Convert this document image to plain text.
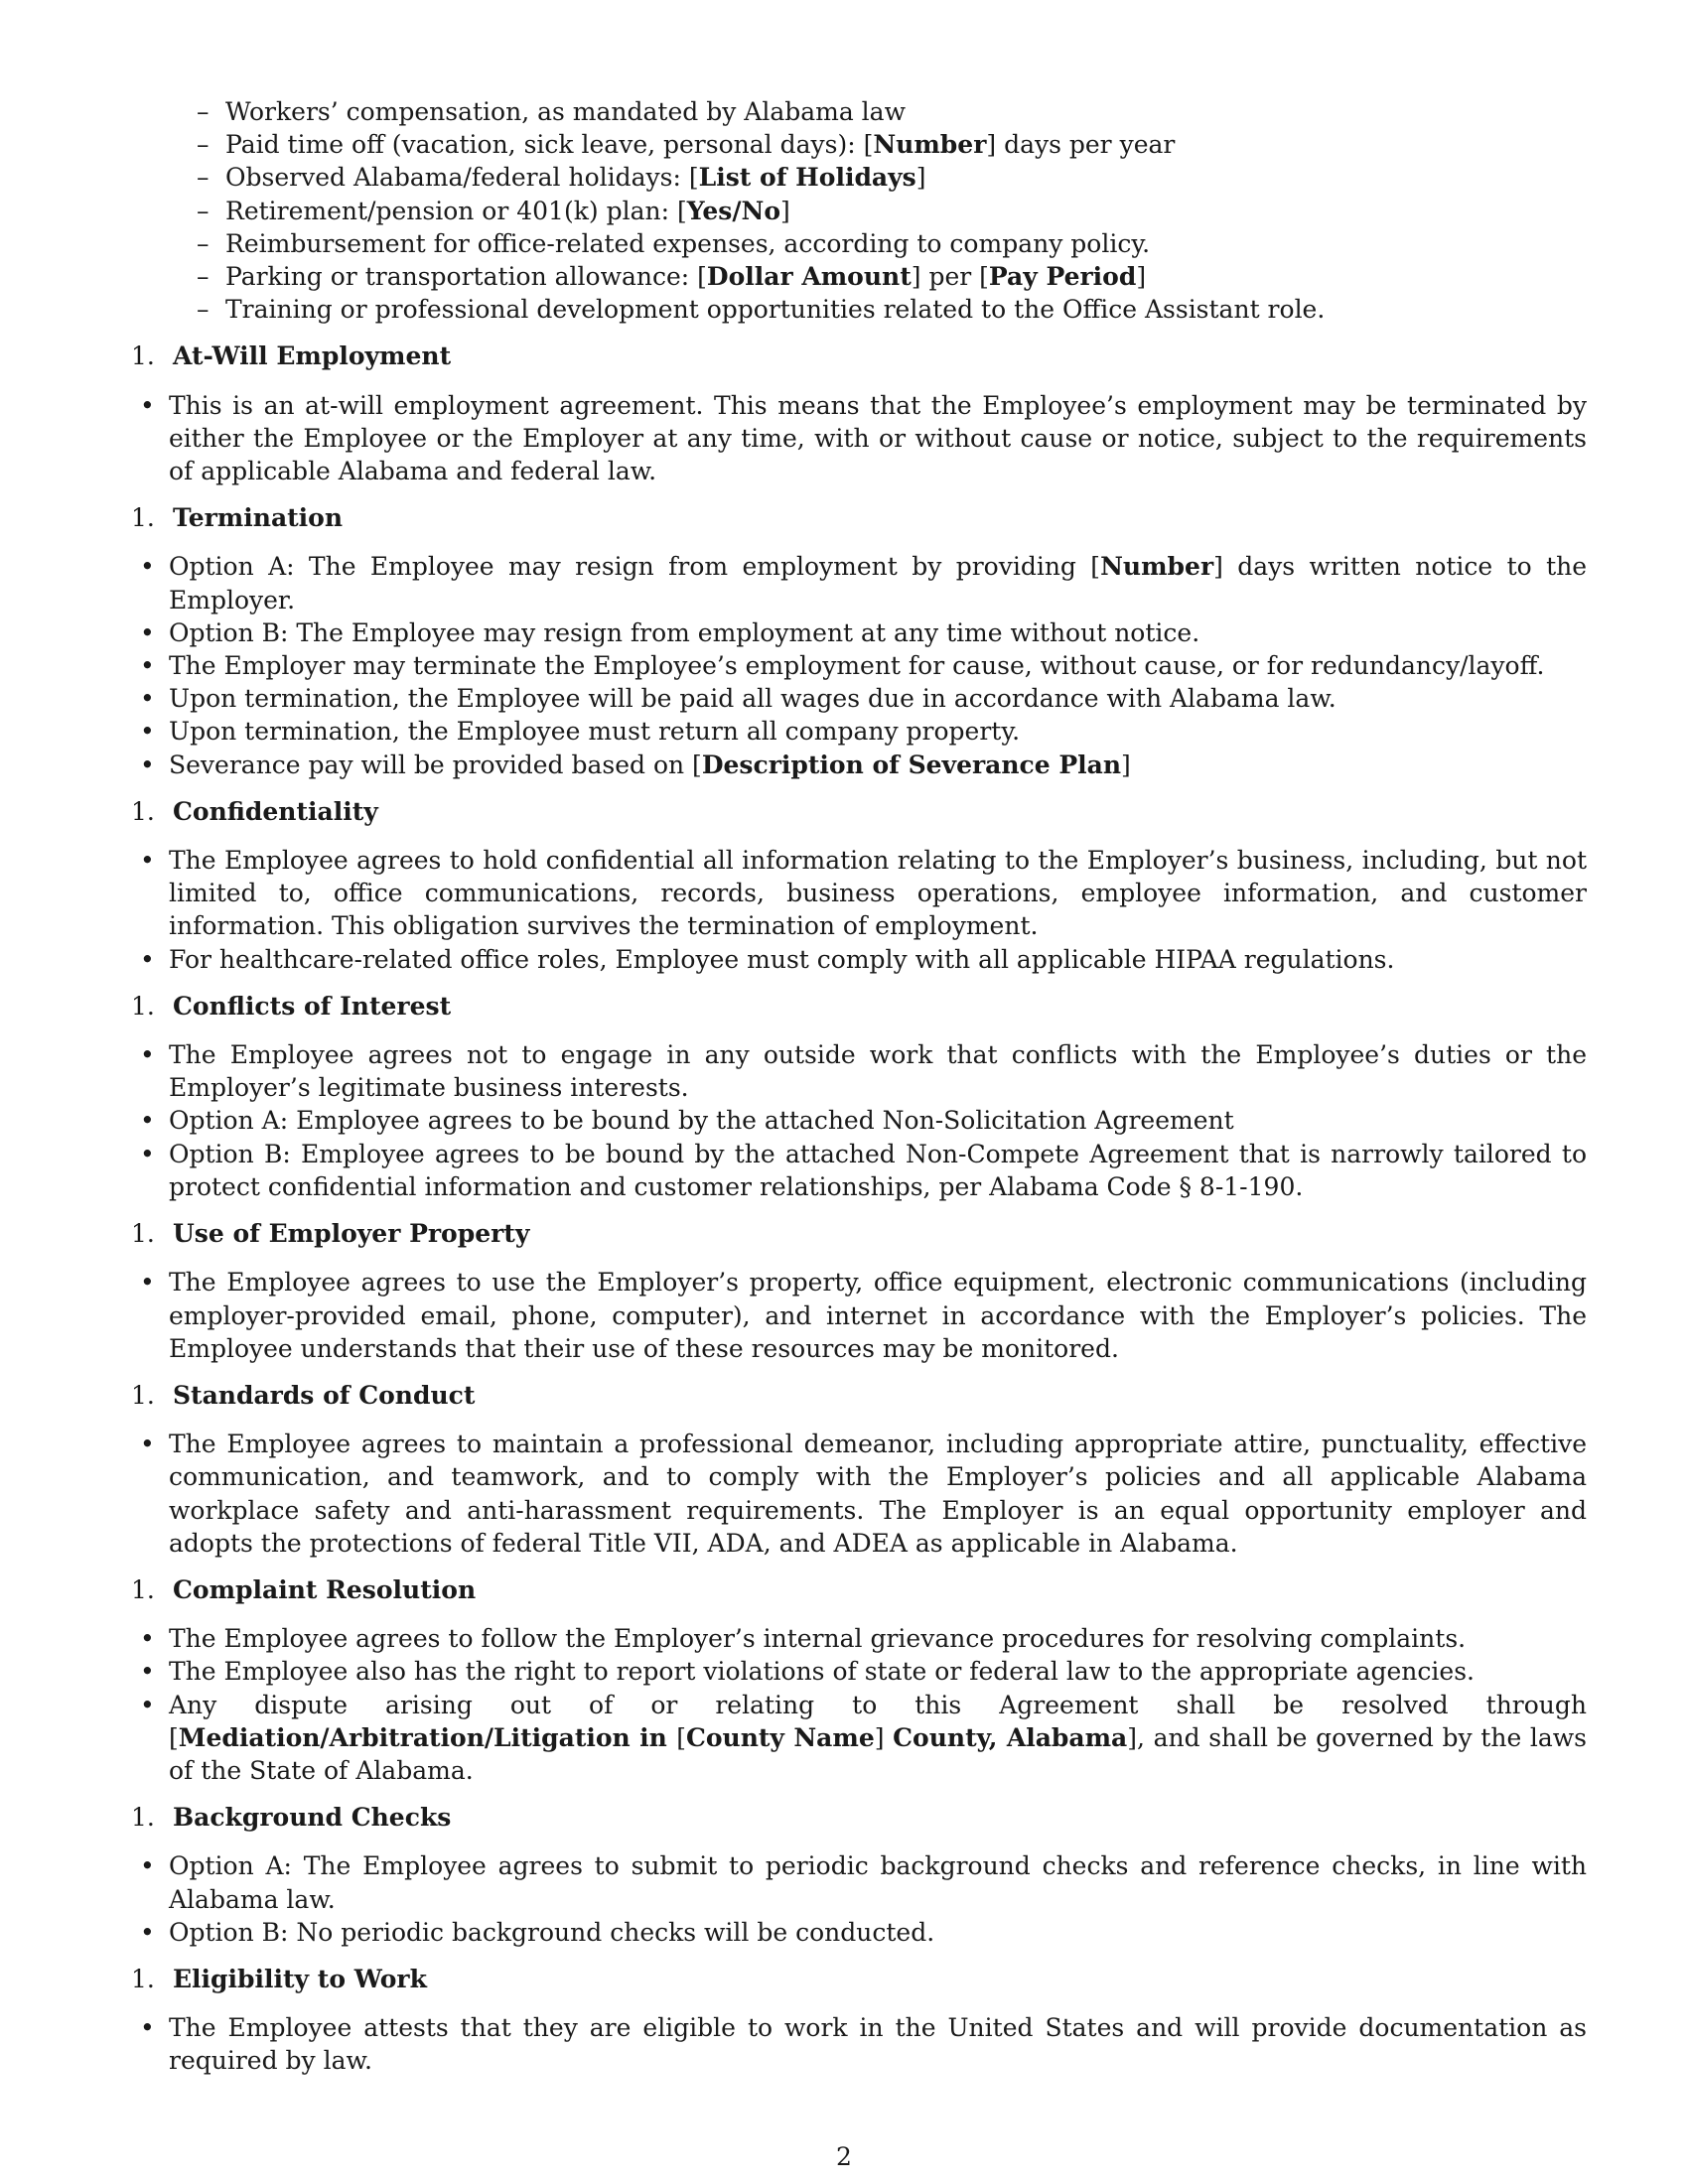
– Workers’ compensation, as mandated by Alabama law
– Paid time off (vacation, sick leave, personal days): [Number] days per year
– Observed Alabama/federal holidays: [List of Holidays]
– Retirement/pension or 401(k) plan: [Yes/No]
– Reimbursement for office-related expenses, according to company policy.
– Parking or transportation allowance: [Dollar Amount] per [Pay Period]
– Training or professional development opportunities related to the Office Assistant role.
1. At-Will Employment
• This is an at-will employment agreement. This means that the Employee’s employment may be terminated by either the Employee or the Employer at any time, with or without cause or notice, subject to the requirements of applicable Alabama and federal law.
1. Termination
• Option A: The Employee may resign from employment by providing [Number] days written notice to the Employer.
• Option B: The Employee may resign from employment at any time without notice.
• The Employer may terminate the Employee’s employment for cause, without cause, or for redundancy/layoff.
• Upon termination, the Employee will be paid all wages due in accordance with Alabama law.
• Upon termination, the Employee must return all company property.
• Severance pay will be provided based on [Description of Severance Plan]
1. Confidentiality
• The Employee agrees to hold confidential all information relating to the Employer’s business, including, but not limited to, office communications, records, business operations, employee information, and customer information. This obligation survives the termination of employment.
• For healthcare-related office roles, Employee must comply with all applicable HIPAA regulations.
1. Conflicts of Interest
• The Employee agrees not to engage in any outside work that conflicts with the Employee’s duties or the Employer’s legitimate business interests.
• Option A: Employee agrees to be bound by the attached Non-Solicitation Agreement
• Option B: Employee agrees to be bound by the attached Non-Compete Agreement that is narrowly tailored to protect confidential information and customer relationships, per Alabama Code § 8-1-190.
1. Use of Employer Property
• The Employee agrees to use the Employer’s property, office equipment, electronic communications (including employer-provided email, phone, computer), and internet in accordance with the Employer’s policies. The Employee understands that their use of these resources may be monitored.
1. Standards of Conduct
• The Employee agrees to maintain a professional demeanor, including appropriate attire, punctuality, effective communication, and teamwork, and to comply with the Employer’s policies and all applicable Alabama workplace safety and anti-harassment requirements. The Employer is an equal opportunity employer and adopts the protections of federal Title VII, ADA, and ADEA as applicable in Alabama.
1. Complaint Resolution
• The Employee agrees to follow the Employer’s internal grievance procedures for resolving complaints.
• The Employee also has the right to report violations of state or federal law to the appropriate agencies.
• Any dispute arising out of or relating to this Agreement shall be resolved through [Mediation/Arbitration/Litigation in [County Name] County, Alabama], and shall be governed by the laws of the State of Alabama.
1. Background Checks
• Option A: The Employee agrees to submit to periodic background checks and reference checks, in line with Alabama law.
• Option B: No periodic background checks will be conducted.
1. Eligibility to Work
• The Employee attests that they are eligible to work in the United States and will provide documentation as required by law.
2
